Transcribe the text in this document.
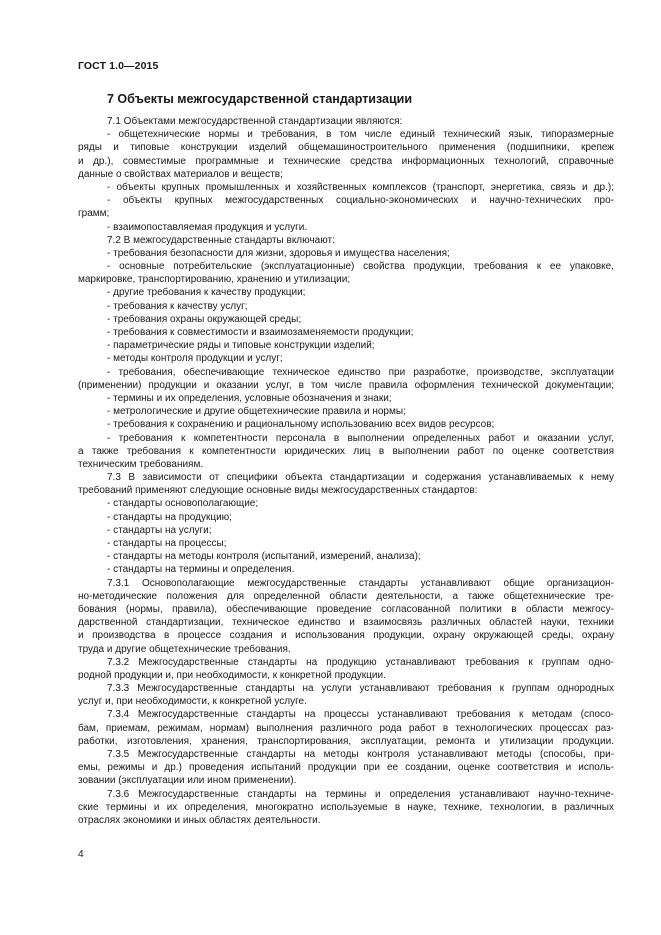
ГОСТ 1.0—2015
7 Объекты межгосударственной стандартизации
7.1 Объектами межгосударственной стандартизации являются:
- общетехнические нормы и требования, в том числе единый технический язык, типоразмерные
ряды и типовые конструкции изделий общемашиностроительного применения (подшипники, крепеж
и др.), совместимые программные и технические средства информационных технологий, справочные
данные о свойствах материалов и веществ;
- объекты крупных промышленных и хозяйственных комплексов (транспорт, энергетика, связь и др.);
- объекты крупных межгосударственных социально-экономических и научно-технических про-
грамм;
- взаимопоставляемая продукция и услуги.
7.2 В межгосударственные стандарты включают:
- требования безопасности для жизни, здоровья и имущества населения;
- основные потребительские (эксплуатационные) свойства продукции, требования к ее упаковке,
маркировке, транспортированию, хранению и утилизации;
- другие требования к качеству продукции;
- требования к качеству услуг;
- требования охраны окружающей среды;
- требования к совместимости и взаимозаменяемости продукции;
- параметрические ряды и типовые конструкции изделий;
- методы контроля продукции и услуг;
- требования, обеспечивающие техническое единство при разработке, производстве, эксплуатации
(применении) продукции и оказании услуг, в том числе правила оформления технической документации;
- термины и их определения, условные обозначения и знаки;
- метрологические и другие общетехнические правила и нормы;
- требования к сохранению и рациональному использованию всех видов ресурсов;
- требования к компетентности персонала в выполнении определенных работ и оказании услуг,
а также требования к компетентности юридических лиц в выполнении работ по оценке соответствия
техническим требованиям.
7.3 В зависимости от специфики объекта стандартизации и содержания устанавливаемых к нему
требований применяют следующие основные виды межгосударственных стандартов:
- стандарты основополагающие;
- стандарты на продукцию;
- стандарты на услуги;
- стандарты на процессы;
- стандарты на методы контроля (испытаний, измерений, анализа);
- стандарты на термины и определения.
7.3.1 Основополагающие межгосударственные стандарты устанавливают общие организацион-
но-методические положения для определенной области деятельности, а также общетехнические тре-
бования (нормы, правила), обеспечивающие проведение согласованной политики в области межгосу-
дарственной стандартизации, техническое единство и взаимосвязь различных областей науки, техники
и производства в процессе создания и использования продукции, охрану окружающей среды, охрану
труда и другие общетехнические требования.
7.3.2 Межгосударственные стандарты на продукцию устанавливают требования к группам одно-
родной продукции и, при необходимости, к конкретной продукции.
7.3.3 Межгосударственные стандарты на услуги устанавливают требования к группам однородных
услуг и, при необходимости, к конкретной услуге.
7.3.4 Межгосударственные стандарты на процессы устанавливают требования к методам (спосо-
бам, приемам, режимам, нормам) выполнения различного рода работ в технологических процессах раз-
работки, изготовления, хранения, транспортирования, эксплуатации, ремонта и утилизации продукции.
7.3.5 Межгосударственные стандарты на методы контроля устанавливают методы (способы, при-
емы, режимы и др.) проведения испытаний продукции при ее создании, оценке соответствия и исполь-
зовании (эксплуатации или ином применении).
7.3.6 Межгосударственные стандарты на термины и определения устанавливают научно-техниче-
ские термины и их определения, многократно используемые в науке, технике, технологии, в различных
отраслях экономики и иных областях деятельности.
4
